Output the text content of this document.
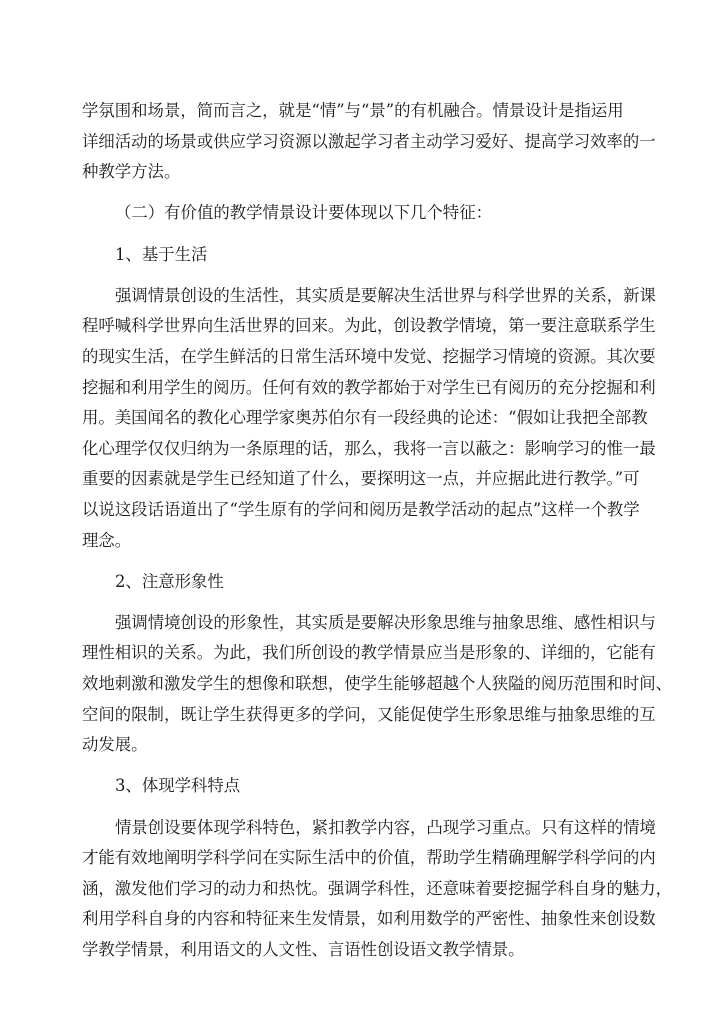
学氛围和场景，简而言之，就是“情”与“景”的有机融合。情景设计是指运用
详细活动的场景或供应学习资源以激起学习者主动学习爱好、提高学习效率的一
种教学方法。
（二）有价值的教学情景设计要体现以下几个特征：
1、基于生活
强调情景创设的生活性，其实质是要解决生活世界与科学世界的关系，新课
程呼喊科学世界向生活世界的回来。为此，创设教学情境，第一要注意联系学生
的现实生活，在学生鲜活的日常生活环境中发觉、挖掘学习情境的资源。其次要
挖掘和利用学生的阅历。任何有效的教学都始于对学生已有阅历的充分挖掘和利
用。美国闻名的教化心理学家奥苏伯尔有一段经典的论述：“假如让我把全部教
化心理学仅仅归纳为一条原理的话，那么，我将一言以蔽之：影响学习的惟一最
重要的因素就是学生已经知道了什么，要探明这一点，并应据此进行教学。”可
以说这段话语道出了“学生原有的学问和阅历是教学活动的起点”这样一个教学
理念。
2、注意形象性
强调情境创设的形象性，其实质是要解决形象思维与抽象思维、感性相识与
理性相识的关系。为此，我们所创设的教学情景应当是形象的、详细的，它能有
效地刺激和激发学生的想像和联想，使学生能够超越个人狭隘的阅历范围和时间、
空间的限制，既让学生获得更多的学问，又能促使学生形象思维与抽象思维的互
动发展。
3、体现学科特点
情景创设要体现学科特色，紧扣教学内容，凸现学习重点。只有这样的情境
才能有效地阐明学科学问在实际生活中的价值，帮助学生精确理解学科学问的内
涵，激发他们学习的动力和热忱。强调学科性，还意味着要挖掘学科自身的魅力，
利用学科自身的内容和特征来生发情景，如利用数学的严密性、抽象性来创设数
学教学情景，利用语文的人文性、言语性创设语文教学情景。
